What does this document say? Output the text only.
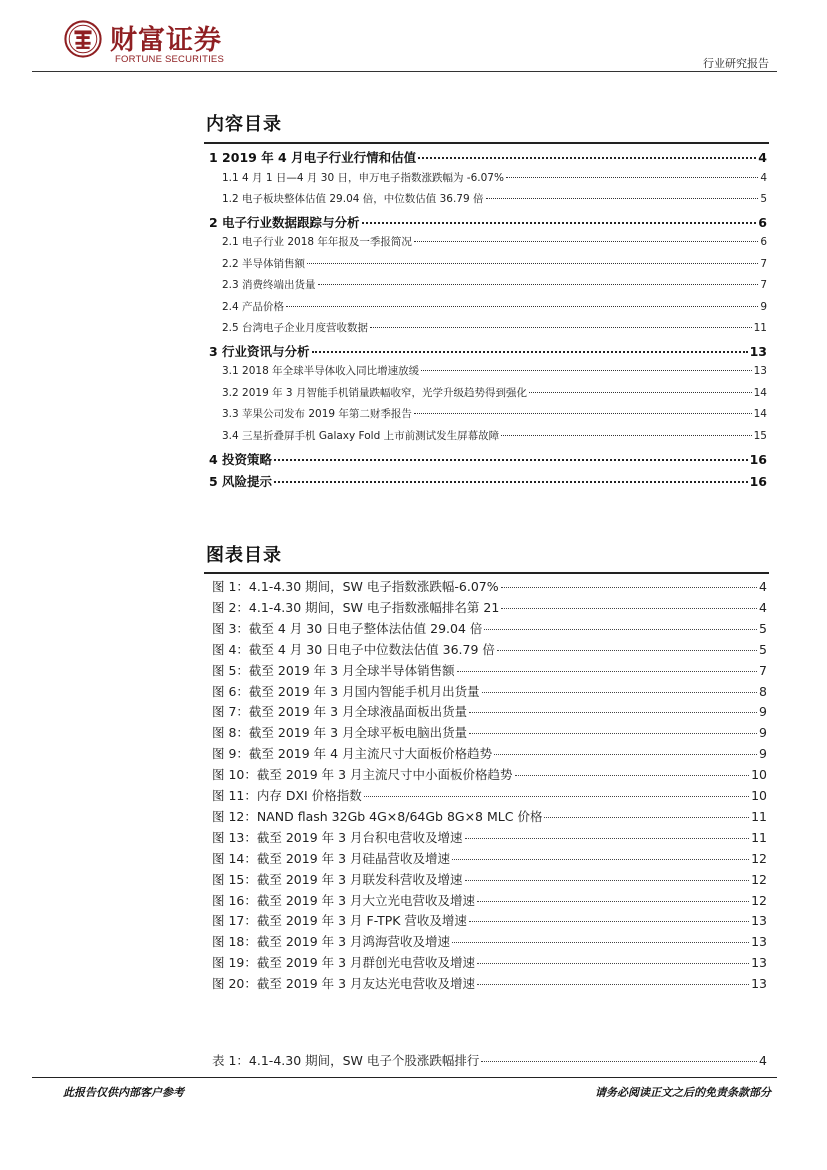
财富证券
FORTUNE SECURITIES	行业研究报告
内容目录
1 2019 年 4 月电子行业行情和估值	4
1.1 4 月 1 日—4 月 30 日，申万电子指数涨跌幅为 -6.07%	4
1.2 电子板块整体估值 29.04 倍，中位数估值 36.79 倍	5
2 电子行业数据跟踪与分析	6
2.1 电子行业 2018 年年报及一季报简况	6
2.2 半导体销售额	7
2.3 消费终端出货量	7
2.4 产品价格	9
2.5 台湾电子企业月度营收数据	11
3 行业资讯与分析	13
3.1 2018 年全球半导体收入同比增速放缓	13
3.2 2019 年 3 月智能手机销量跌幅收窄，光学升级趋势得到强化	14
3.3 苹果公司发布 2019 年第二财季报告	14
3.4 三星折叠屏手机 Galaxy Fold 上市前测试发生屏幕故障	15
4 投资策略	16
5 风险提示	16
图表目录
图 1：4.1-4.30 期间，SW 电子指数涨跌幅-6.07%	4
图 2：4.1-4.30 期间，SW 电子指数涨幅排名第 21	4
图 3：截至 4 月 30 日电子整体法估值 29.04 倍	5
图 4：截至 4 月 30 日电子中位数法估值 36.79 倍	5
图 5：截至 2019 年 3 月全球半导体销售额	7
图 6：截至 2019 年 3 月国内智能手机月出货量	8
图 7：截至 2019 年 3 月全球液晶面板出货量	9
图 8：截至 2019 年 3 月全球平板电脑出货量	9
图 9：截至 2019 年 4 月主流尺寸大面板价格趋势	9
图 10：截至 2019 年 3 月主流尺寸中小面板价格趋势	10
图 11：内存 DXI 价格指数	10
图 12：NAND flash 32Gb 4G×8/64Gb 8G×8 MLC 价格	11
图 13：截至 2019 年 3 月台积电营收及增速	11
图 14：截至 2019 年 3 月硅晶营收及增速	12
图 15：截至 2019 年 3 月联发科营收及增速	12
图 16：截至 2019 年 3 月大立光电营收及增速	12
图 17：截至 2019 年 3 月 F-TPK 营收及增速	13
图 18：截至 2019 年 3 月鸿海营收及增速	13
图 19：截至 2019 年 3 月群创光电营收及增速	13
图 20：截至 2019 年 3 月友达光电营收及增速	13
表 1：4.1-4.30 期间，SW 电子个股涨跌幅排行	4
此报告仅供内部客户参考	请务必阅读正文之后的免责条款部分
